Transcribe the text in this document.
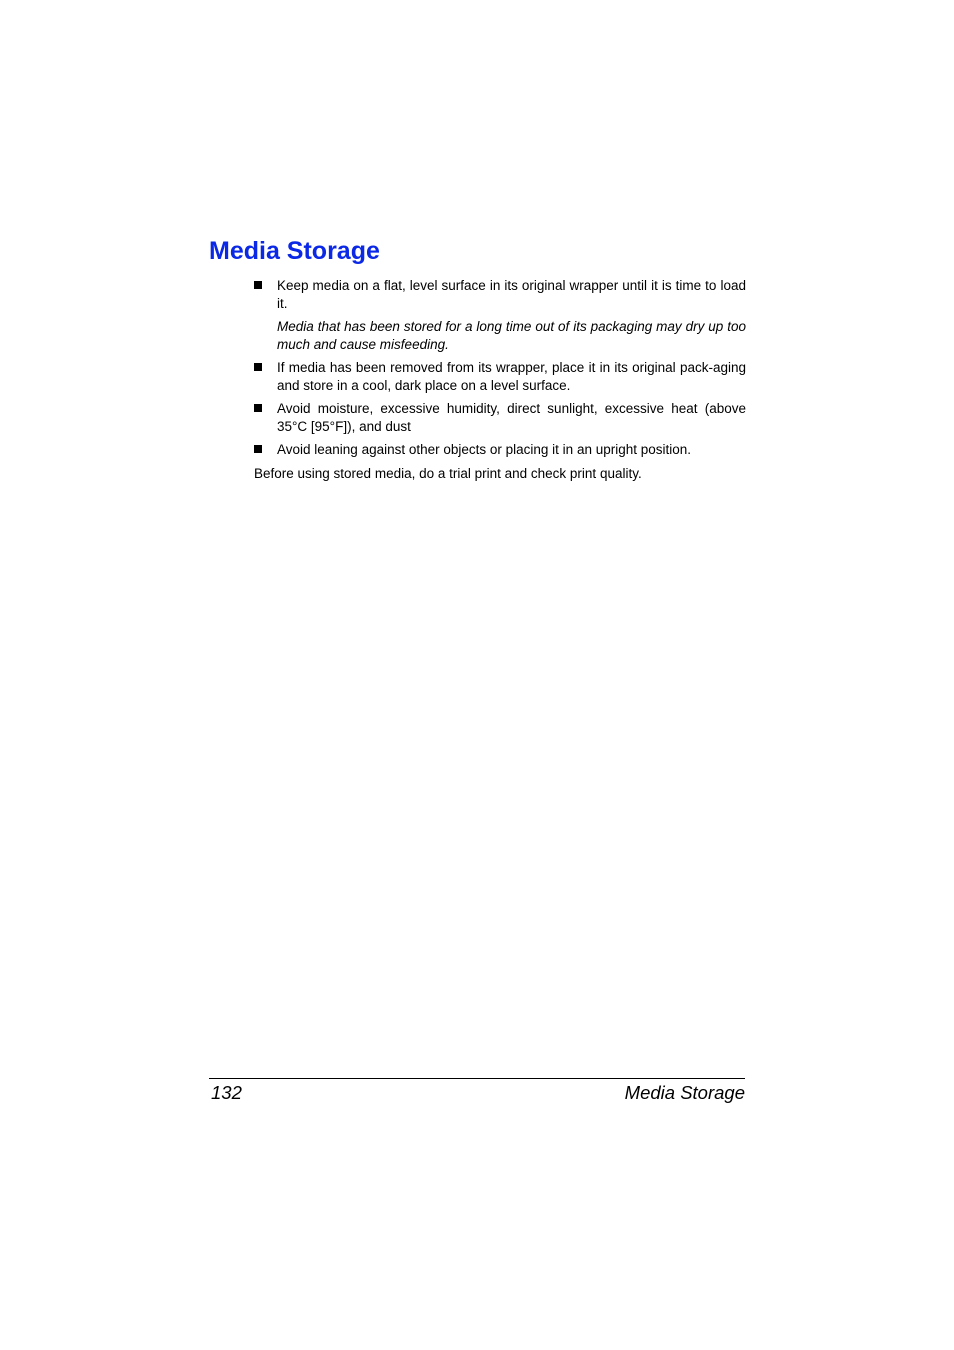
Media Storage

Keep media on a flat, level surface in its original wrapper until it is time to load it.

Media that has been stored for a long time out of its packaging may dry up too much and cause misfeeding.

If media has been removed from its wrapper, place it in its original pack-aging and store in a cool, dark place on a level surface.

Avoid moisture, excessive humidity, direct sunlight, excessive heat (above 35°C [95°F]), and dust

Avoid leaning against other objects or placing it in an upright position.

Before using stored media, do a trial print and check print quality.

132	Media Storage
